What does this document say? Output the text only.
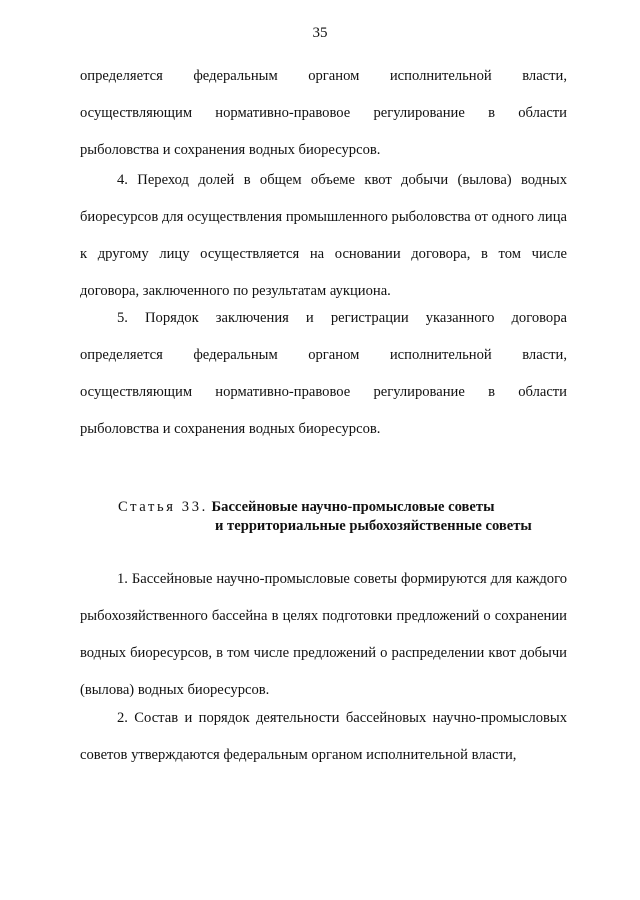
35

определяется федеральным органом исполнительной власти, осуществляющим нормативно-правовое регулирование в области рыболовства и сохранения водных биоресурсов.

4. Переход долей в общем объеме квот добычи (вылова) водных биоресурсов для осуществления промышленного рыболовства от одного лица к другому лицу осуществляется на основании договора, в том числе договора, заключенного по результатам аукциона.

5. Порядок заключения и регистрации указанного договора определяется федеральным органом исполнительной власти, осуществляющим нормативно-правовое регулирование в области рыболовства и сохранения водных биоресурсов.

Статья 33. Бассейновые научно-промысловые советы
и территориальные рыбохозяйственные советы

1. Бассейновые научно-промысловые советы формируются для каждого рыбохозяйственного бассейна в целях подготовки предложений о сохранении водных биоресурсов, в том числе предложений о распределении квот добычи (вылова) водных биоресурсов.

2. Состав и порядок деятельности бассейновых научно-промысловых советов утверждаются федеральным органом исполнительной власти,
